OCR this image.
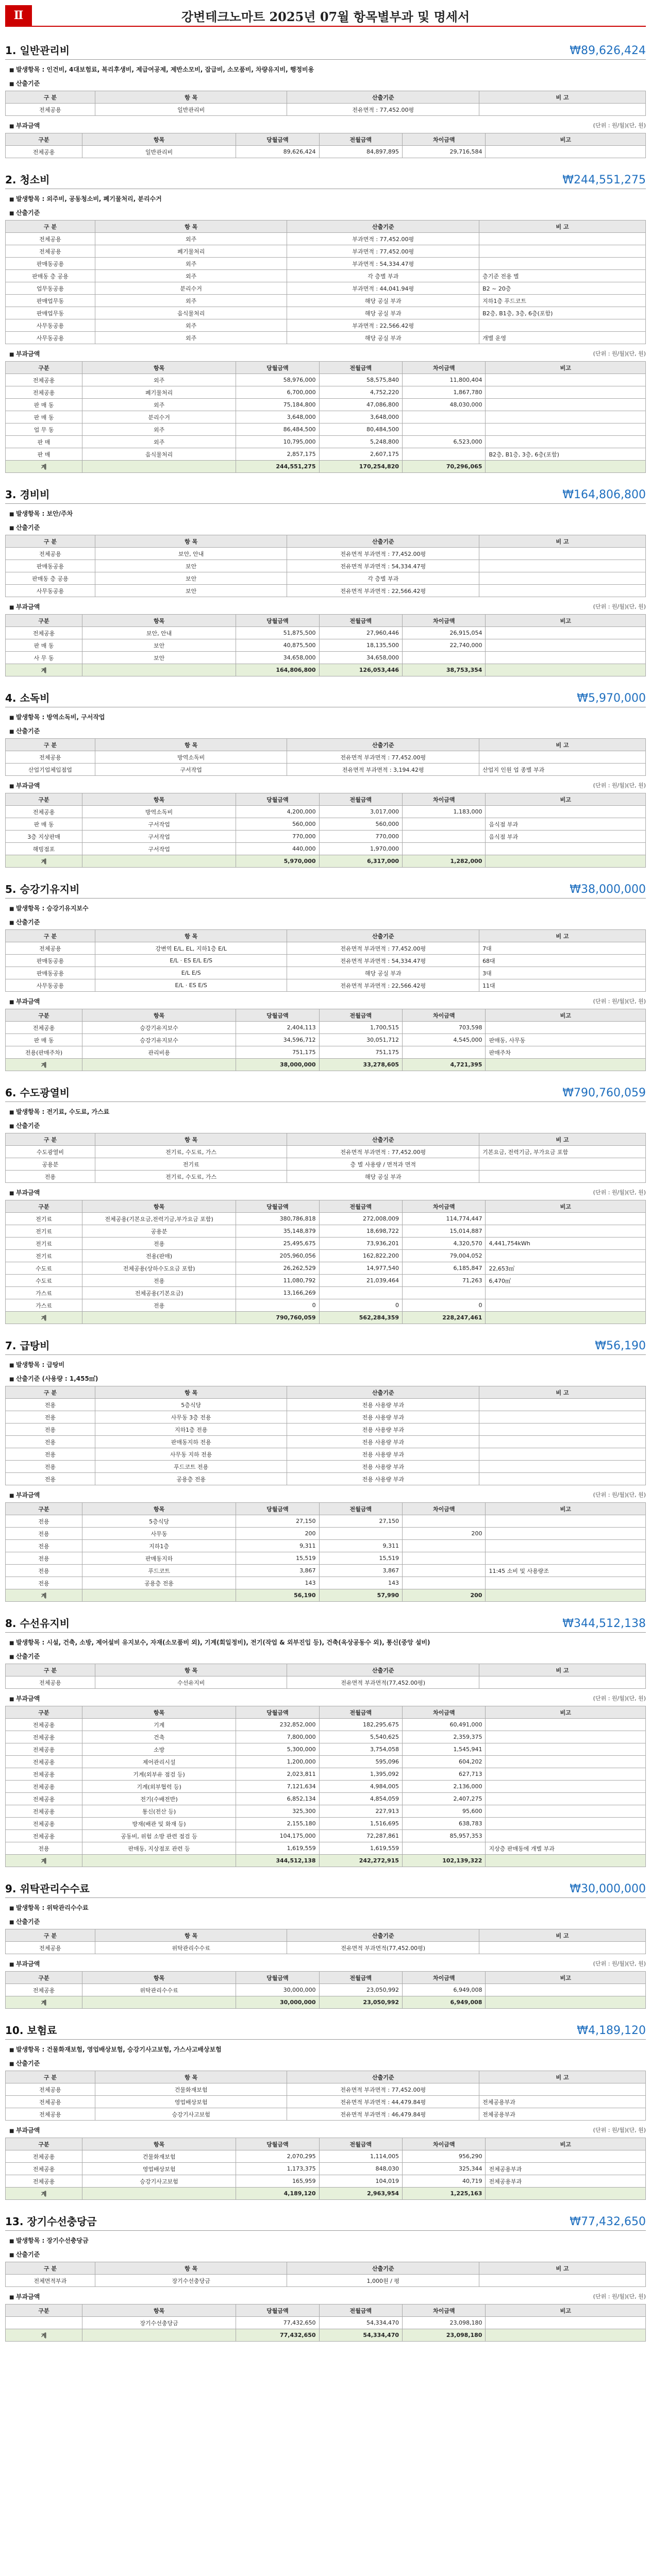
Ⅱ	강변테크노마트 2025년 07월 항목별부과 및 명세서
1. 일반관리비	₩89,626,424
■ 발생항목 : 인건비, 4대보험료, 복리후생비, 제급여공제, 제반소모비, 잡급비, 소모품비, 차량유지비, 행정비용
■ 산출기준
구 분	항 목	산출기준	비 고
전체공용	일반관리비	전유면적 : 77,452.00평	
■ 부과금액	(단위 : 원/월)(단, 원)
구분	항목	당월금액	전월금액	차이금액	비고
전체공용	일반관리비	89,626,424	84,897,895	29,716,584	
2. 청소비	₩244,551,275
■ 발생항목 : 외주비, 공동청소비, 폐기물처리, 분리수거
■ 산출기준
구 분	항 목	산출기준	비 고
전체공용	외주	부과면적 : 77,452.00평	
전체공용	폐기물처리	부과면적 : 77,452.00평	
판매동공용	외주	부과면적 : 54,334.47평	
판매동 층 공용	외주	각 층별 부과	층기준 전용 별
업무동공용	분리수거	부과면적 : 44,041.94평	B2 ~ 20층
판매업무동	외주	해당 공실 부과	지하1층 푸드코트
판매업무동	음식물처리	해당 공실 부과	B2층, B1층, 3층, 6층(포함)
사무동공용	외주	부과면적 : 22,566.42평	
사무동공용	외주	해당 공실 부과	개별 운영
■ 부과금액	(단위 : 원/월)(단, 원)
구분	항목	당월금액	전월금액	차이금액	비고
전체공용	외주	58,976,000	58,575,840	11,800,404	
전체공용	폐기물처리	6,700,000	4,752,220	1,867,780	
판 매 동	외주	75,184,800	47,086,800	48,030,000	
판 매 동	분리수거	3,648,000	3,648,000		
업 무 동	외주	86,484,500	80,484,500		
판 매	외주	10,795,000	5,248,800	6,523,000	
판 매	음식물처리	2,857,175	2,607,175		B2층, B1층, 3층, 6층(포함)
계		244,551,275	170,254,820	70,296,065	
3. 경비비	₩164,806,800
■ 발생항목 : 보안/주차
■ 산출기준
구 분	항 목	산출기준	비 고
전체공용	보안, 안내	전유면적 부과면적 : 77,452.00평	
판매동공용	보안	전유면적 부과면적 : 54,334.47평	
판매동 층 공용	보안	각 층별 부과	
사무동공용	보안	전유면적 부과면적 : 22,566.42평	
■ 부과금액	(단위 : 원/월)(단, 원)
구분	항목	당월금액	전월금액	차이금액	비고
전체공용	보안, 안내	51,875,500	27,960,446	26,915,054	
판 매 동	보안	40,875,500	18,135,500	22,740,000	
사 무 동	보안	34,658,000	34,658,000		
계		164,806,800	126,053,446	38,753,354	
4. 소독비	₩5,970,000
■ 발생항목 : 방역소독비, 구서작업
■ 산출기준
구 분	항 목	산출기준	비 고
전체공용	방역소독비	전유면적 부과면적 : 77,452.00평	
산업기업체입점업	구서작업	전유면적 부과면적 : 3,194.42평	산업지 인원 업 종별 부과
■ 부과금액	(단위 : 원/월)(단, 원)
구분	항목	당월금액	전월금액	차이금액	비고
전체공용	방역소독비	4,200,000	3,017,000	1,183,000	
판 매 동	구서작업	560,000	560,000		음식점 부과
3층 지상판매	구서작업	770,000	770,000		음식점 부과
해빙점포	구서작업	440,000	1,970,000		
계		5,970,000	6,317,000	1,282,000	
5. 승강기유지비	₩38,000,000
■ 발생항목 : 승강기유지보수
■ 산출기준
구 분	항 목	산출기준	비 고
전체공용	강변역 E/L, EL, 지하1층 E/L	전유면적 부과면적 : 77,452.00평	7대
판매동공용	E/L · ES E/L E/S	전유면적 부과면적 : 54,334.47평	68대
판매동공용	E/L E/S	해당 공실 부과	3대
사무동공용	E/L · ES E/S	전유면적 부과면적 : 22,566.42평	11대
■ 부과금액	(단위 : 원/월)(단, 원)
구분	항목	당월금액	전월금액	차이금액	비고
전체공용	승강기유지보수	2,404,113	1,700,515	703,598	
판 매 동	승강기유지보수	34,596,712	30,051,712	4,545,000	판매동, 사무동
전용(판매주차)	관리비용	751,175	751,175		판매주차
계		38,000,000	33,278,605	4,721,395	
6. 수도광열비	₩790,760,059
■ 발생항목 : 전기료, 수도료, 가스료
■ 산출기준
구 분	항 목	산출기준	비 고
수도광열비	전기료, 수도료, 가스	전유면적 부과면적 : 77,452.00평	기본요금, 전력기금, 부가요금 포함
공용분	전기료	층 별 사용량 / 면적과 면적	
전용	전기료, 수도료, 가스	해당 공실 부과	
■ 부과금액	(단위 : 원/월)(단, 원)
구분	항목	당월금액	전월금액	차이금액	비고
전기료	전체공용(기본요금,전력기금,부가요금 포함)	380,786,818	272,008,009	114,774,447	
전기료	공용분	35,148,879	18,698,722	15,014,887	
전기료	전용	25,495,675	73,936,201	4,320,570	4,441,754kWh
전기료	전용(판매)	205,960,056	162,822,200	79,004,052	
수도료	전체공용(상하수도요금 포함)	26,262,529	14,977,540	6,185,847	22,653㎥
수도료	전용	11,080,792	21,039,464	71,263	6,470㎥
가스료	전체공용(기본요금)	13,166,269			
가스료	전용	0	0	0	
계		790,760,059	562,284,359	228,247,461	
7. 급탕비	₩56,190
■ 발생항목 : 급탕비
■ 산출기준 (사용량 : 1,455㎥)
구 분	항 목	산출기준	비 고
전용	5층식당	전용 사용량 부과	
전용	사무동 3층 전용	전용 사용량 부과	
전용	지하1층 전용	전용 사용량 부과	
전용	판매동지하 전용	전용 사용량 부과	
전용	사무동 지하 전용	전용 사용량 부과	
전용	푸드코트 전용	전용 사용량 부과	
전용	공용층 전용	전용 사용량 부과	
■ 부과금액	(단위 : 원/월)(단, 원)
구분	항목	당월금액	전월금액	차이금액	비고
전용	5층식당	27,150	27,150		
전용	사무동	200		200	
전용	지하1층	9,311	9,311		
전용	판매동지하	15,519	15,519		
전용	푸드코트	3,867	3,867		11:45 소비 및 사용량조
전용	공용층 전용	143	143		
계		56,190	57,990	200	
8. 수선유지비	₩344,512,138
■ 발생항목 : 시설, 건축, 소방, 제어설비 유지보수, 자재(소모품비 외), 기계(회일정비), 전기(작업 & 외부진입 등), 건축(옥상공동수 외), 통신(중앙 설비)
■ 산출기준
구 분	항 목	산출기준	비 고
전체공용	수선유지비	전유면적 부과면적(77,452.00평)	
■ 부과금액	(단위 : 원/월)(단, 원)
구분	항목	당월금액	전월금액	차이금액	비고
전체공용	기계	232,852,000	182,295,675	60,491,000	
전체공용	건축	7,800,000	5,540,625	2,359,375	
전체공용	소방	5,300,000	3,754,058	1,545,941	
전체공용	제어관리시설	1,200,000	595,096	604,202	
전체공용	기계(외부유 점검 등)	2,023,811	1,395,092	627,713	
전체공용	기계(외부협력 등)	7,121,634	4,984,005	2,136,000	
전체공용	전기(수배전반)	6,852,134	4,854,059	2,407,275	
전체공용	통신(전산 등)	325,300	227,913	95,600	
전체공용	방재(배관 및 화재 등)	2,155,180	1,516,695	638,783	
전체공용	공동비, 위험 소방 관련 점검 등	104,175,000	72,287,861	85,957,353	
전용	판매동, 지상점포 관련 등	1,619,559	1,619,559		지상층 판매동에 개별 부과
계		344,512,138	242,272,915	102,139,322	
9. 위탁관리수수료	₩30,000,000
■ 발생항목 : 위탁관리수수료
■ 산출기준
구 분	항 목	산출기준	비 고
전체공용	위탁관리수수료	전유면적 부과면적(77,452.00평)	
■ 부과금액	(단위 : 원/월)(단, 원)
구분	항목	당월금액	전월금액	차이금액	비고
전체공용	위탁관리수수료	30,000,000	23,050,992	6,949,008	
계		30,000,000	23,050,992	6,949,008	
10. 보험료	₩4,189,120
■ 발생항목 : 건물화재보험, 영업배상보험, 승강기사고보험, 가스사고배상보험
■ 산출기준
구 분	항 목	산출기준	비 고
전체공용	건물화재보험	전유면적 부과면적 : 77,452.00평	
전체공용	영업배상보험	전유면적 부과면적 : 44,479.84평	전체공용부과
전체공용	승강기사고보험	전유면적 부과면적 : 46,479.84평	전체공용부과
■ 부과금액	(단위 : 원/월)(단, 원)
구분	항목	당월금액	전월금액	차이금액	비고
전체공용	건물화재보험	2,070,295	1,114,005	956,290	
전체공용	영업배상보험	1,173,375	848,030	325,344	전체공용부과
전체공용	승강기사고보험	165,959	104,019	40,719	전체공용부과
계		4,189,120	2,963,954	1,225,163	
13. 장기수선충당금	₩77,432,650
■ 발생항목 : 장기수선충당금
■ 산출기준
구 분	항 목	산출기준	비 고
전체면적부과	장기수선충당금	1,000원 / 평	
■ 부과금액	(단위 : 원/월)(단, 원)
구분	항목	당월금액	전월금액	차이금액	비고
	장기수선충당금	77,432,650	54,334,470	23,098,180	
계		77,432,650	54,334,470	23,098,180	
